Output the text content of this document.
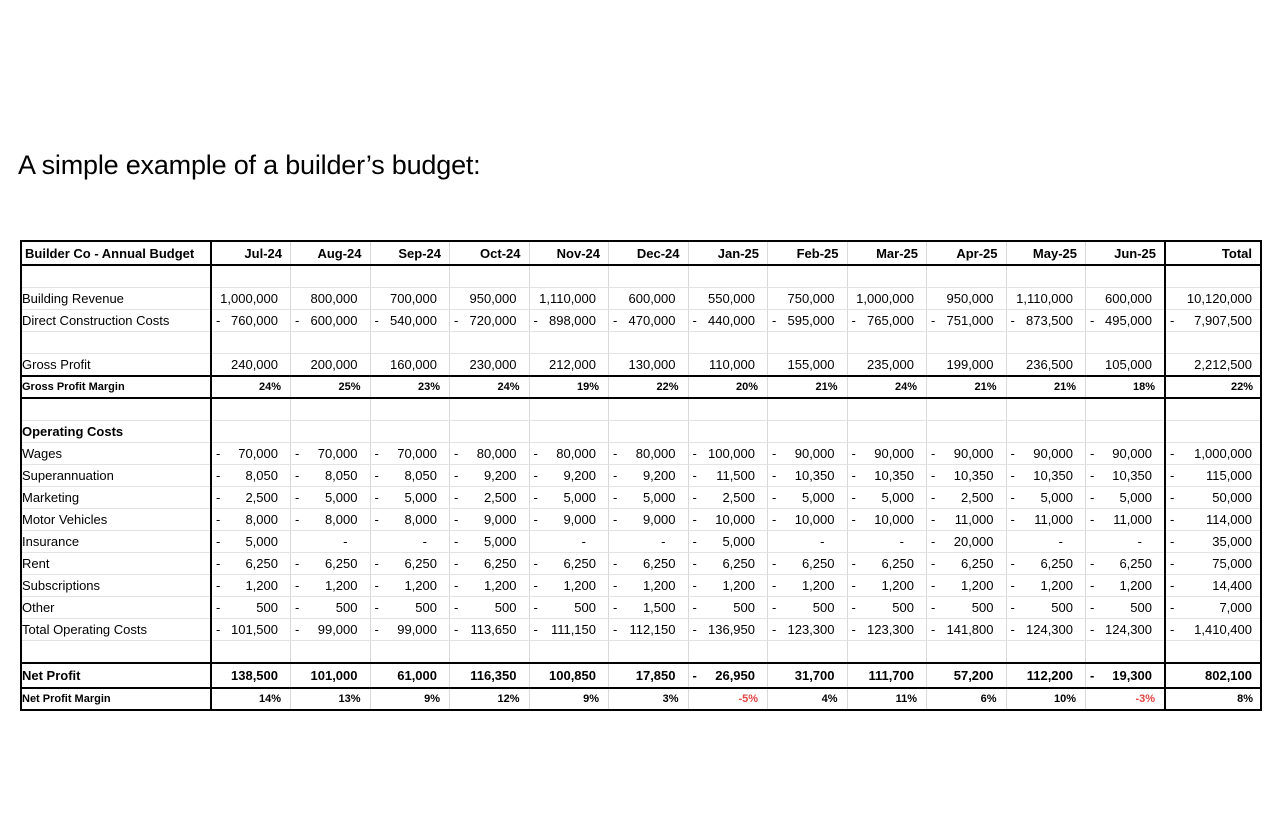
A simple example of a builder’s budget:
Builder Co - Annual Budget	Jul-24	Aug-24	Sep-24	Oct-24	Nov-24	Dec-24	Jan-25	Feb-25	Mar-25	Apr-25	May-25	Jun-25	Total

Building Revenue	1,000,000	800,000	700,000	950,000	1,110,000	600,000	550,000	750,000	1,000,000	950,000	1,110,000	600,000	10,120,000

Direct Construction Costs	- 760,000	- 600,000	- 540,000	- 720,000	- 898,000	- 470,000	- 440,000	- 595,000	- 765,000	- 751,000	- 873,500	- 495,000	- 7,907,500

Gross Profit	240,000	200,000	160,000	230,000	212,000	130,000	110,000	155,000	235,000	199,000	236,500	105,000	2,212,500

Gross Profit Margin	24%	25%	23%	24%	19%	22%	20%	21%	24%	21%	21%	18%	22%

Operating Costs	

Wages	- 70,000	- 70,000	- 70,000	- 80,000	- 80,000	- 80,000	- 100,000	- 90,000	- 90,000	- 90,000	- 90,000	- 90,000	- 1,000,000

Superannuation	- 8,050	- 8,050	- 8,050	- 9,200	- 9,200	- 9,200	- 11,500	- 10,350	- 10,350	- 10,350	- 10,350	- 10,350	- 115,000

Marketing	- 2,500	- 5,000	- 5,000	- 2,500	- 5,000	- 5,000	- 2,500	- 5,000	- 5,000	- 2,500	- 5,000	- 5,000	- 50,000

Motor Vehicles	- 8,000	- 8,000	- 8,000	- 9,000	- 9,000	- 9,000	- 10,000	- 10,000	- 10,000	- 11,000	- 11,000	- 11,000	- 114,000

Insurance	- 5,000	-	-	- 5,000	-	-	- 5,000	-	-	- 20,000	-	-	- 35,000

Rent	- 6,250	- 6,250	- 6,250	- 6,250	- 6,250	- 6,250	- 6,250	- 6,250	- 6,250	- 6,250	- 6,250	- 6,250	- 75,000

Subscriptions	- 1,200	- 1,200	- 1,200	- 1,200	- 1,200	- 1,200	- 1,200	- 1,200	- 1,200	- 1,200	- 1,200	- 1,200	- 14,400

Other	- 500	- 500	- 500	- 500	- 500	- 1,500	- 500	- 500	- 500	- 500	- 500	- 500	- 7,000

Total Operating Costs	- 101,500	- 99,000	- 99,000	- 113,650	- 111,150	- 112,150	- 136,950	- 123,300	- 123,300	- 141,800	- 124,300	- 124,300	- 1,410,400

Net Profit	138,500	101,000	61,000	116,350	100,850	17,850	- 26,950	31,700	111,700	57,200	112,200	- 19,300	802,100

Net Profit Margin	14%	13%	9%	12%	9%	3%	-5%	4%	11%	6%	10%	-3%	8%
